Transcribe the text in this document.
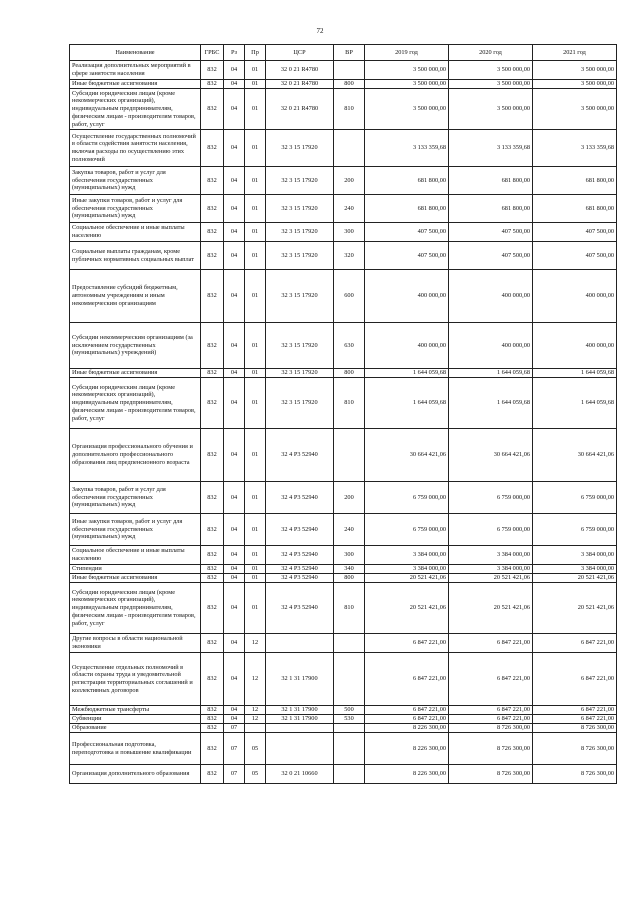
72
Наименование	ГРБС	Рз	Пр	ЦСР	ВР	2019 год	2020 год	2021 год
Реализация дополнительных мероприятий в сфере занятости населения	832	04	01	32 0 21 R4780		3 500 000,00	3 500 000,00	3 500 000,00
Иные бюджетные ассигнования	832	04	01	32 0 21 R4780	800	3 500 000,00	3 500 000,00	3 500 000,00
Субсидии юридическим лицам (кроме некоммерческих организаций), индивидуальным предпринимателям, физическим лицам - производителям товаров, работ, услуг	832	04	01	32 0 21 R4780	810	3 500 000,00	3 500 000,00	3 500 000,00
Осуществление государственных полномочий в области содействия занятости населения, включая расходы по осуществлению этих полномочий	832	04	01	32 3 15 17920		3 133 359,68	3 133 359,68	3 133 359,68
Закупка товаров, работ и услуг для обеспечения государственных (муниципальных) нужд	832	04	01	32 3 15 17920	200	681 800,00	681 800,00	681 800,00
Иные закупки товаров, работ и услуг для обеспечения государственных (муниципальных) нужд	832	04	01	32 3 15 17920	240	681 800,00	681 800,00	681 800,00
Социальное обеспечение и иные выплаты населению	832	04	01	32 3 15 17920	300	407 500,00	407 500,00	407 500,00
Социальные выплаты гражданам, кроме публичных нормативных социальных выплат	832	04	01	32 3 15 17920	320	407 500,00	407 500,00	407 500,00
Предоставление субсидий бюджетным, автономным учреждениям и иным некоммерческим организациям	832	04	01	32 3 15 17920	600	400 000,00	400 000,00	400 000,00
Субсидии некоммерческим организациям (за исключением государственных (муниципальных) учреждений)	832	04	01	32 3 15 17920	630	400 000,00	400 000,00	400 000,00
Иные бюджетные ассигнования	832	04	01	32 3 15 17920	800	1 644 059,68	1 644 059,68	1 644 059,68
Субсидии юридическим лицам (кроме некоммерческих организаций), индивидуальным предпринимателям, физическим лицам - производителям товаров, работ, услуг	832	04	01	32 3 15 17920	810	1 644 059,68	1 644 059,68	1 644 059,68
Организация профессионального обучения и дополнительного профессионального образования лиц предпенсионного возраста	832	04	01	32 4 P3 52940		30 664 421,06	30 664 421,06	30 664 421,06
Закупка товаров, работ и услуг для обеспечения государственных (муниципальных) нужд	832	04	01	32 4 P3 52940	200	6 759 000,00	6 759 000,00	6 759 000,00
Иные закупки товаров, работ и услуг для обеспечения государственных (муниципальных) нужд	832	04	01	32 4 P3 52940	240	6 759 000,00	6 759 000,00	6 759 000,00
Социальное обеспечение и иные выплаты населению	832	04	01	32 4 P3 52940	300	3 384 000,00	3 384 000,00	3 384 000,00
Стипендии	832	04	01	32 4 P3 52940	340	3 384 000,00	3 384 000,00	3 384 000,00
Иные бюджетные ассигнования	832	04	01	32 4 P3 52940	800	20 521 421,06	20 521 421,06	20 521 421,06
Субсидии юридическим лицам (кроме некоммерческих организаций), индивидуальным предпринимателям, физическим лицам - производителям товаров, работ, услуг	832	04	01	32 4 P3 52940	810	20 521 421,06	20 521 421,06	20 521 421,06
Другие вопросы в области национальной экономики	832	04	12			6 847 221,00	6 847 221,00	6 847 221,00
Осуществление отдельных полномочий в области охраны труда и уведомительной регистрации территориальных соглашений и коллективных договоров	832	04	12	32 1 31 17900		6 847 221,00	6 847 221,00	6 847 221,00
Межбюджетные трансферты	832	04	12	32 1 31 17900	500	6 847 221,00	6 847 221,00	6 847 221,00
Субвенции	832	04	12	32 1 31 17900	530	6 847 221,00	6 847 221,00	6 847 221,00
Образование	832	07				8 226 300,00	8 726 300,00	8 726 300,00
Профессиональная подготовка, переподготовка и повышение квалификации	832	07	05			8 226 300,00	8 726 300,00	8 726 300,00
Организация дополнительного образования	832	07	05	32 0 21 10660		8 226 300,00	8 726 300,00	8 726 300,00
